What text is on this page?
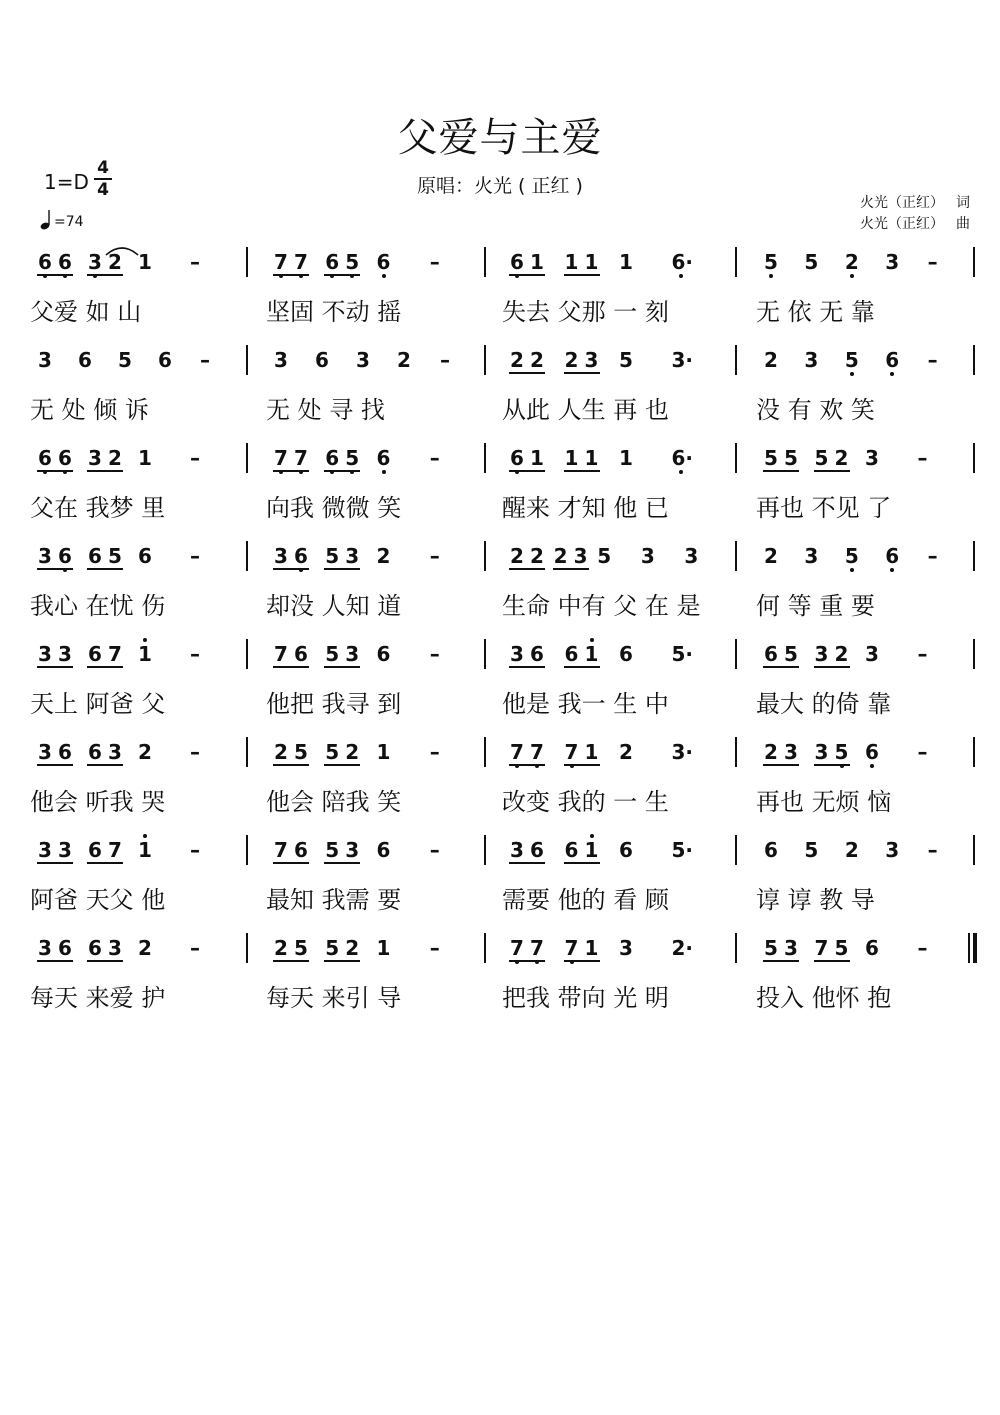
父爱与主爱
原唱：火光 ( 正红 )
1=D
4
4
=74
火光（正红） 词
火光（正红） 曲
6 6 3 2 1 –
父爱 如 山
7 7 6 5 6 –
坚固 不动 摇
6 1 1 1 1 6·
失去 父那 一 刻
5 5 2 3 –
无 依 无 靠
3 6 5 6 –
无 处 倾 诉
3 6 3 2 –
无 处 寻 找
2 2 2 3 5 3·
从此 人生 再 也
2 3 5 6 –
没 有 欢 笑
6 6 3 2 1 –
父在 我梦 里
7 7 6 5 6 –
向我 微微 笑
6 1 1 1 1 6·
醒来 才知 他 已
5 5 5 2 3 –
再也 不见 了
3 6 6 5 6 –
我心 在忧 伤
3 6 5 3 2 –
却没 人知 道
2 2 2 3 5 3 3
生命 中有 父 在 是
2 3 5 6 –
何 等 重 要
3 3 6 7 1 –
天上 阿爸 父
7 6 5 3 6 –
他把 我寻 到
3 6 6 1 6 5·
他是 我一 生 中
6 5 3 2 3 –
最大 的倚 靠
3 6 6 3 2 –
他会 听我 哭
2 5 5 2 1 –
他会 陪我 笑
7 7 7 1 2 3·
改变 我的 一 生
2 3 3 5 6 –
再也 无烦 恼
3 3 6 7 1 –
阿爸 天父 他
7 6 5 3 6 –
最知 我需 要
3 6 6 1 6 5·
需要 他的 看 顾
6 5 2 3 –
谆 谆 教 导
3 6 6 3 2 –
每天 来爱 护
2 5 5 2 1 –
每天 来引 导
7 7 7 1 3 2·
把我 带向 光 明
5 3 7 5 6 –
投入 他怀 抱
